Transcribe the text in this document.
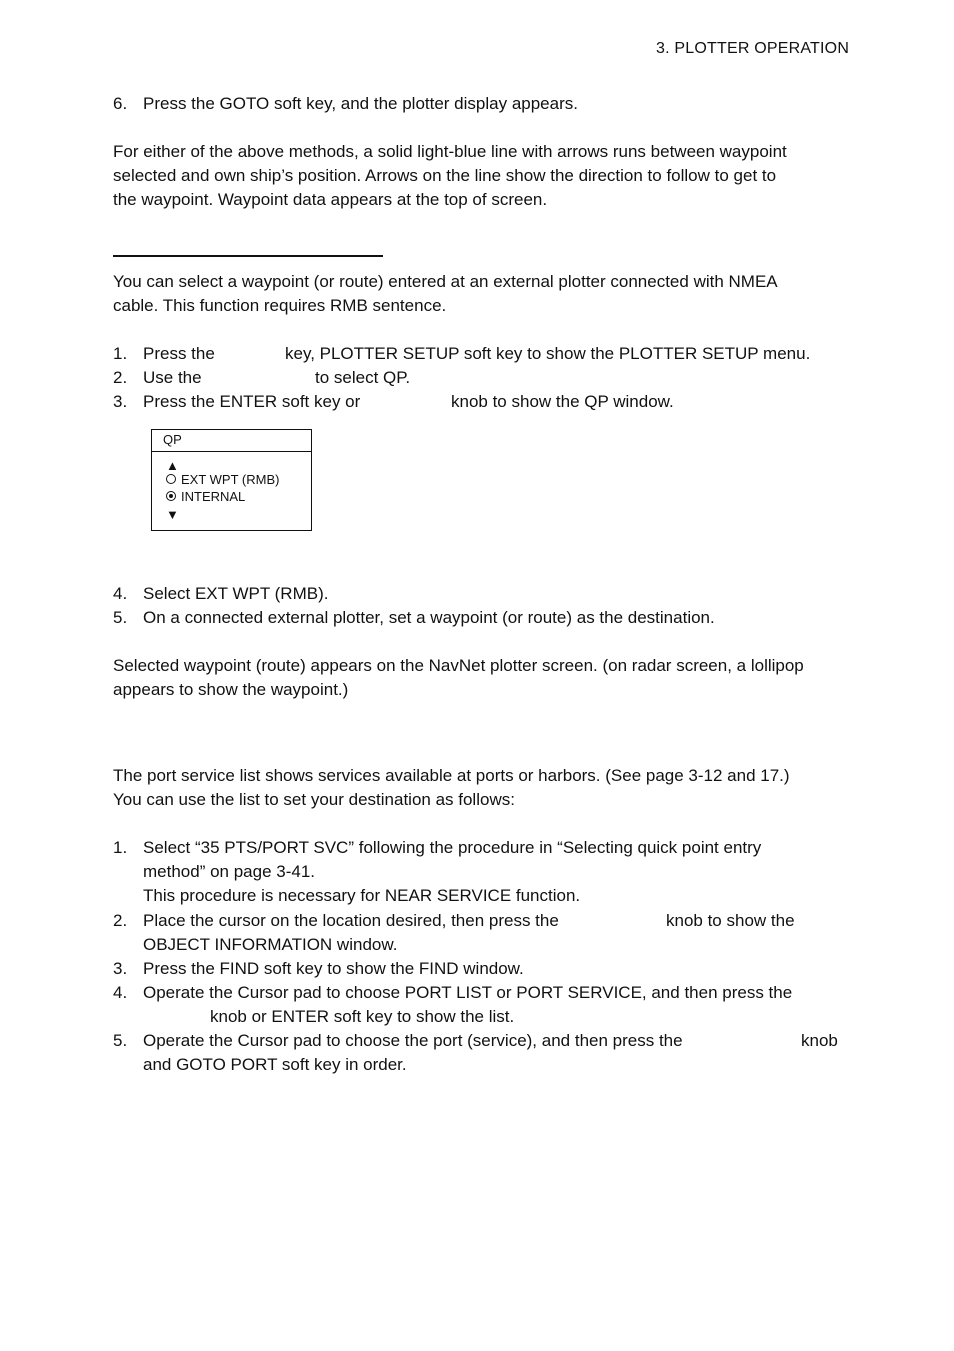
3. PLOTTER OPERATION
6. Press the GOTO soft key, and the plotter display appears.

For either of the above methods, a solid light-blue line with arrows runs between waypoint

selected and own ship’s position. Arrows on the line show the direction to follow to get to

the waypoint. Waypoint data appears at the top of screen.

You can select a waypoint (or route) entered at an external plotter connected with NMEA

cable. This function requires RMB sentence.

1. Press the	key, PLOTTER SETUP soft key to show the PLOTTER SETUP menu.
2. Use the	to select QP.
3. Press the ENTER soft key or	knob to show the QP window.
QP
▲
EXT WPT (RMB)
INTERNAL
▼
4. Select EXT WPT (RMB).
5. On a connected external plotter, set a waypoint (or route) as the destination.

Selected waypoint (route) appears on the NavNet plotter screen. (on radar screen, a lollipop

appears to show the waypoint.)

The port service list shows services available at ports or harbors. (See page 3-12 and 17.)

You can use the list to set your destination as follows:

1. Select “35 PTS/PORT SVC” following the procedure in “Selecting quick point entry
method” on page 3-41.
This procedure is necessary for NEAR SERVICE function.
2. Place the cursor on the location desired, then press the	knob to show the
OBJECT INFORMATION window.
3. Press the FIND soft key to show the FIND window.
4. Operate the Cursor pad to choose PORT LIST or PORT SERVICE, and then press the
knob or ENTER soft key to show the list.
5. Operate the Cursor pad to choose the port (service), and then press the	knob
and GOTO PORT soft key in order.
